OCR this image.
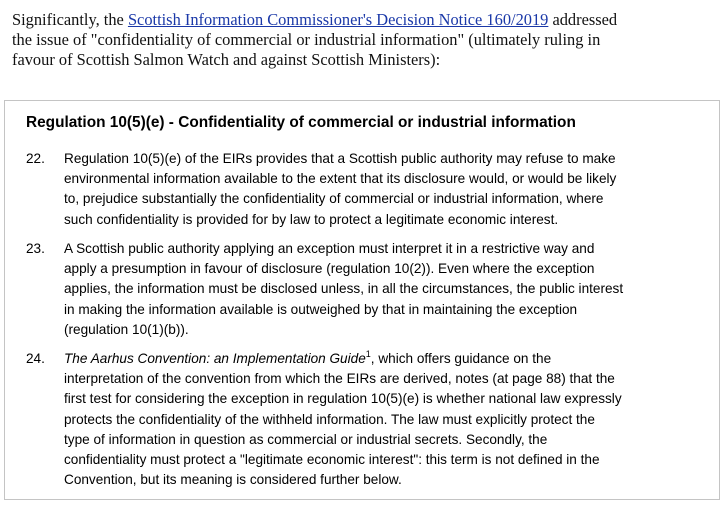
Significantly, the Scottish Information Commissioner's Decision Notice 160/2019 addressed
the issue of "confidentiality of commercial or industrial information" (ultimately ruling in
favour of Scottish Salmon Watch and against Scottish Ministers):

Regulation 10(5)(e) - Confidentiality of commercial or industrial information
22. Regulation 10(5)(e) of the EIRs provides that a Scottish public authority may refuse to make
environmental information available to the extent that its disclosure would, or would be likely
to, prejudice substantially the confidentiality of commercial or industrial information, where
such confidentiality is provided for by law to protect a legitimate economic interest.
23. A Scottish public authority applying an exception must interpret it in a restrictive way and
apply a presumption in favour of disclosure (regulation 10(2)). Even where the exception
applies, the information must be disclosed unless, in all the circumstances, the public interest
in making the information available is outweighed by that in maintaining the exception
(regulation 10(1)(b)).
24. The Aarhus Convention: an Implementation Guide$^1$, which offers guidance on the
interpretation of the convention from which the EIRs are derived, notes (at page 88) that the
first test for considering the exception in regulation 10(5)(e) is whether national law expressly
protects the confidentiality of the withheld information. The law must explicitly protect the
type of information in question as commercial or industrial secrets. Secondly, the
confidentiality must protect a "legitimate economic interest": this term is not defined in the
Convention, but its meaning is considered further below.
